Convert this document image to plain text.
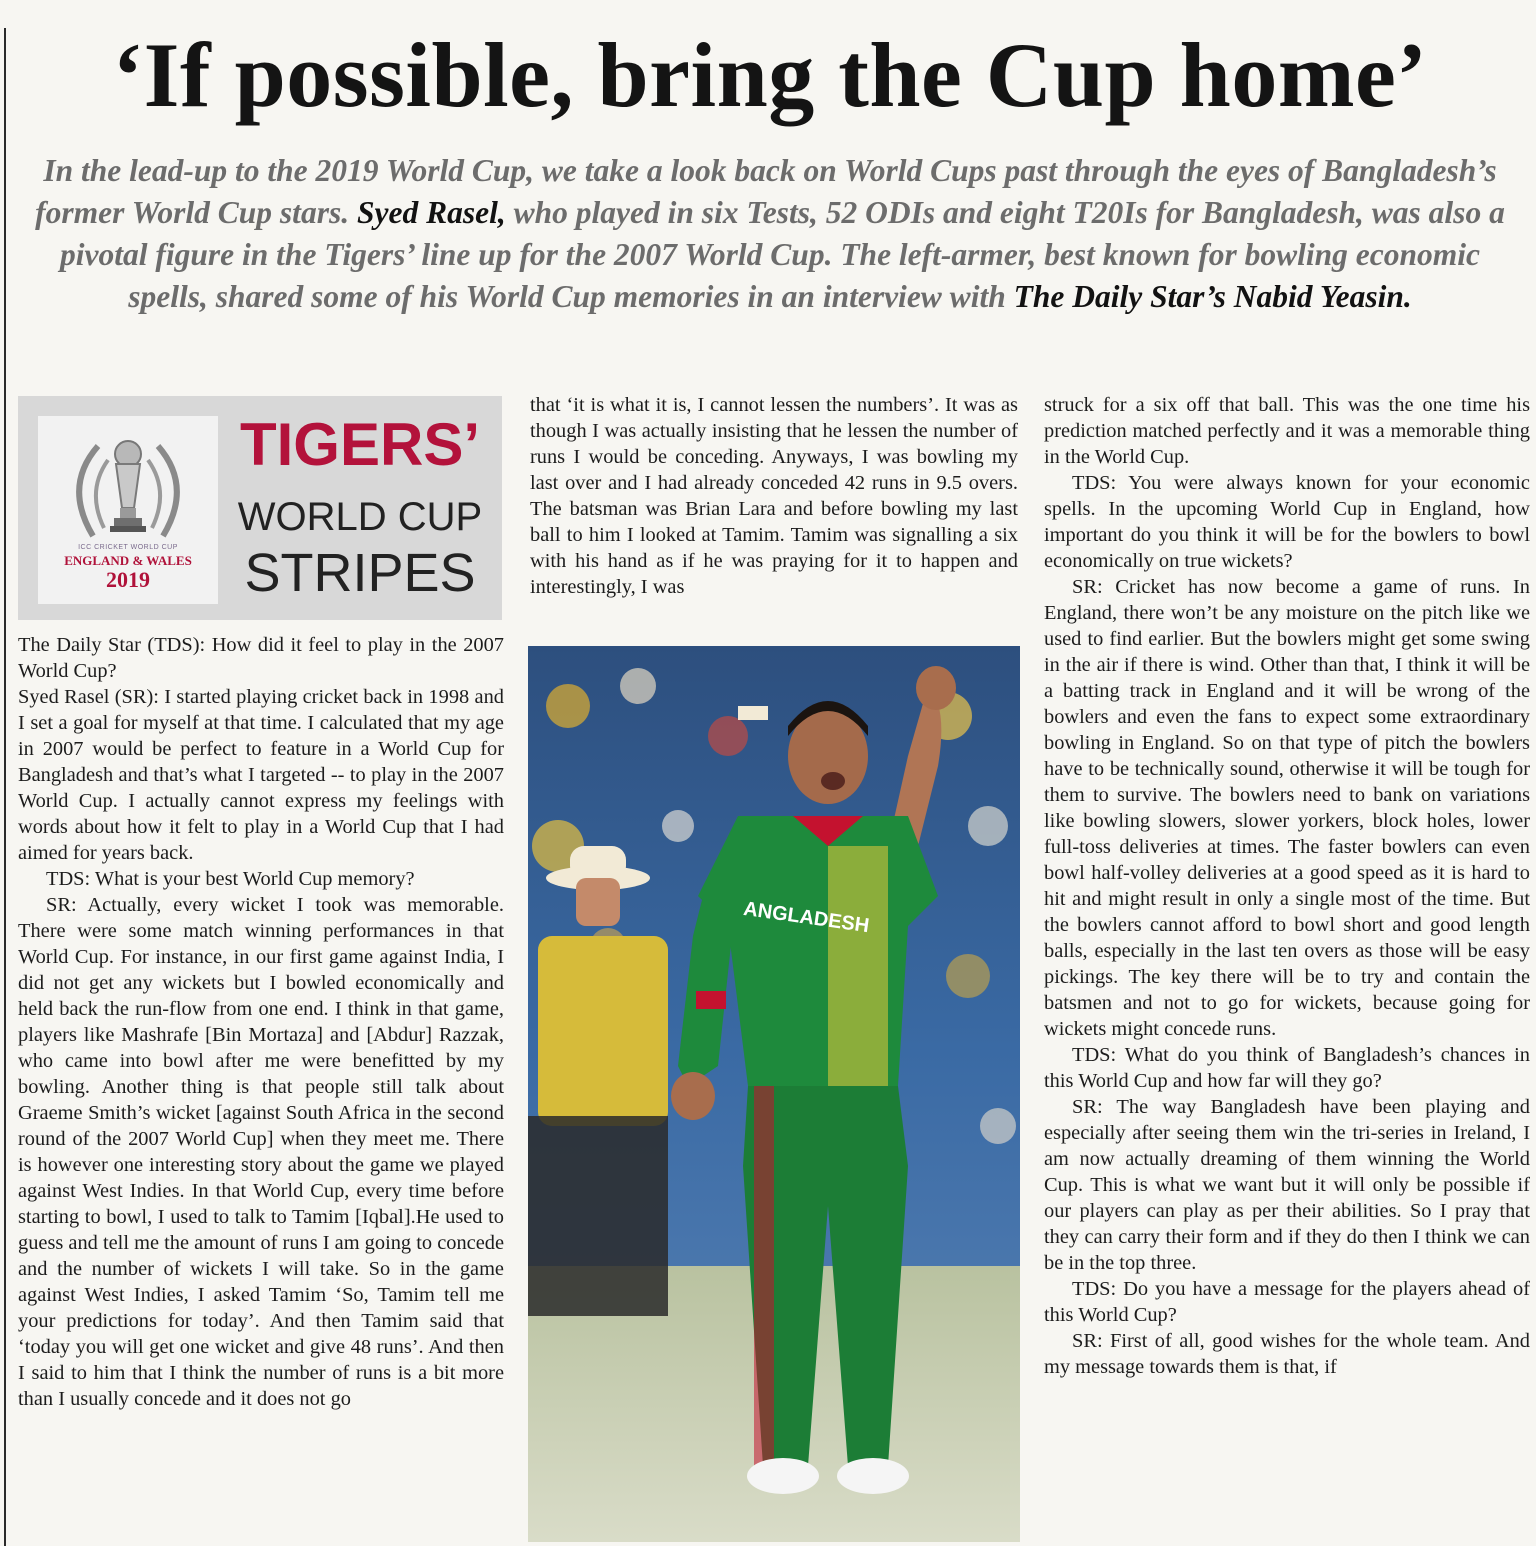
‘If possible, bring the Cup home’

In the lead-up to the 2019 World Cup, we take a look back on World Cups past through the eyes of Bangladesh’s former World Cup stars. Syed Rasel, who played in six Tests, 52 ODIs and eight T20Is for Bangladesh, was also a pivotal figure in the Tigers’ line up for the 2007 World Cup. The left-armer, best known for bowling economic spells, shared some of his World Cup memories in an interview with The Daily Star’s Nabid Yeasin.

ICC CRICKET WORLD CUP
ENGLAND & WALES
2019
TIGERS’
WORLD CUP
STRIPES

The Daily Star (TDS): How did it feel to play in the 2007 World Cup?

Syed Rasel (SR): I started playing cricket back in 1998 and I set a goal for myself at that time. I calculated that my age in 2007 would be perfect to feature in a World Cup for Bangladesh and that’s what I targeted -- to play in the 2007 World Cup. I actually cannot express my feelings with words about how it felt to play in a World Cup that I had aimed for years back.

TDS: What is your best World Cup memory?

SR: Actually, every wicket I took was memorable. There were some match winning performances in that World Cup. For instance, in our first game against India, I did not get any wickets but I bowled economically and held back the run-flow from one end. I think in that game, players like Mashrafe [Bin Mortaza] and [Abdur] Razzak, who came into bowl after me were benefitted by my bowling. Another thing is that people still talk about Graeme Smith’s wicket [against South Africa in the second round of the 2007 World Cup] when they meet me. There is however one interesting story about the game we played against West Indies. In that World Cup, every time before starting to bowl, I used to talk to Tamim [Iqbal].He used to guess and tell me the amount of runs I am going to concede and the number of wickets I will take. So in the game against West Indies, I asked Tamim ‘So, Tamim tell me your predictions for today’. And then Tamim said that ‘today you will get one wicket and give 48 runs’. And then I said to him that I think the number of runs is a bit more than I usually concede and it does not go

that ‘it is what it is, I cannot lessen the numbers’. It was as though I was actually insisting that he lessen the number of runs I would be conceding. Anyways, I was bowling my last over and I had already conceded 42 runs in 9.5 overs. The batsman was Brian Lara and before bowling my last ball to him I looked at Tamim. Tamim was signalling a six with his hand as if he was praying for it to happen and interestingly, I was

ANGLADESH

struck for a six off that ball. This was the one time his prediction matched perfectly and it was a memorable thing in the World Cup.

TDS: You were always known for your economic spells. In the upcoming World Cup in England, how important do you think it will be for the bowlers to bowl economically on true wickets?

SR: Cricket has now become a game of runs. In England, there won’t be any moisture on the pitch like we used to find earlier. But the bowlers might get some swing in the air if there is wind. Other than that, I think it will be a batting track in England and it will be wrong of the bowlers and even the fans to expect some extraordinary bowling in England. So on that type of pitch the bowlers have to be technically sound, otherwise it will be tough for them to survive. The bowlers need to bank on variations like bowling slowers, slower yorkers, block holes, lower full-toss deliveries at times. The faster bowlers can even bowl half-volley deliveries at a good speed as it is hard to hit and might result in only a single most of the time. But the bowlers cannot afford to bowl short and good length balls, especially in the last ten overs as those will be easy pickings. The key there will be to try and contain the batsmen and not to go for wickets, because going for wickets might concede runs.

TDS: What do you think of Bangladesh’s chances in this World Cup and how far will they go?

SR: The way Bangladesh have been playing and especially after seeing them win the tri-series in Ireland, I am now actually dreaming of them winning the World Cup. This is what we want but it will only be possible if our players can play as per their abilities. So I pray that they can carry their form and if they do then I think we can be in the top three.

TDS: Do you have a message for the players ahead of this World Cup?

SR: First of all, good wishes for the whole team. And my message towards them is that, if
